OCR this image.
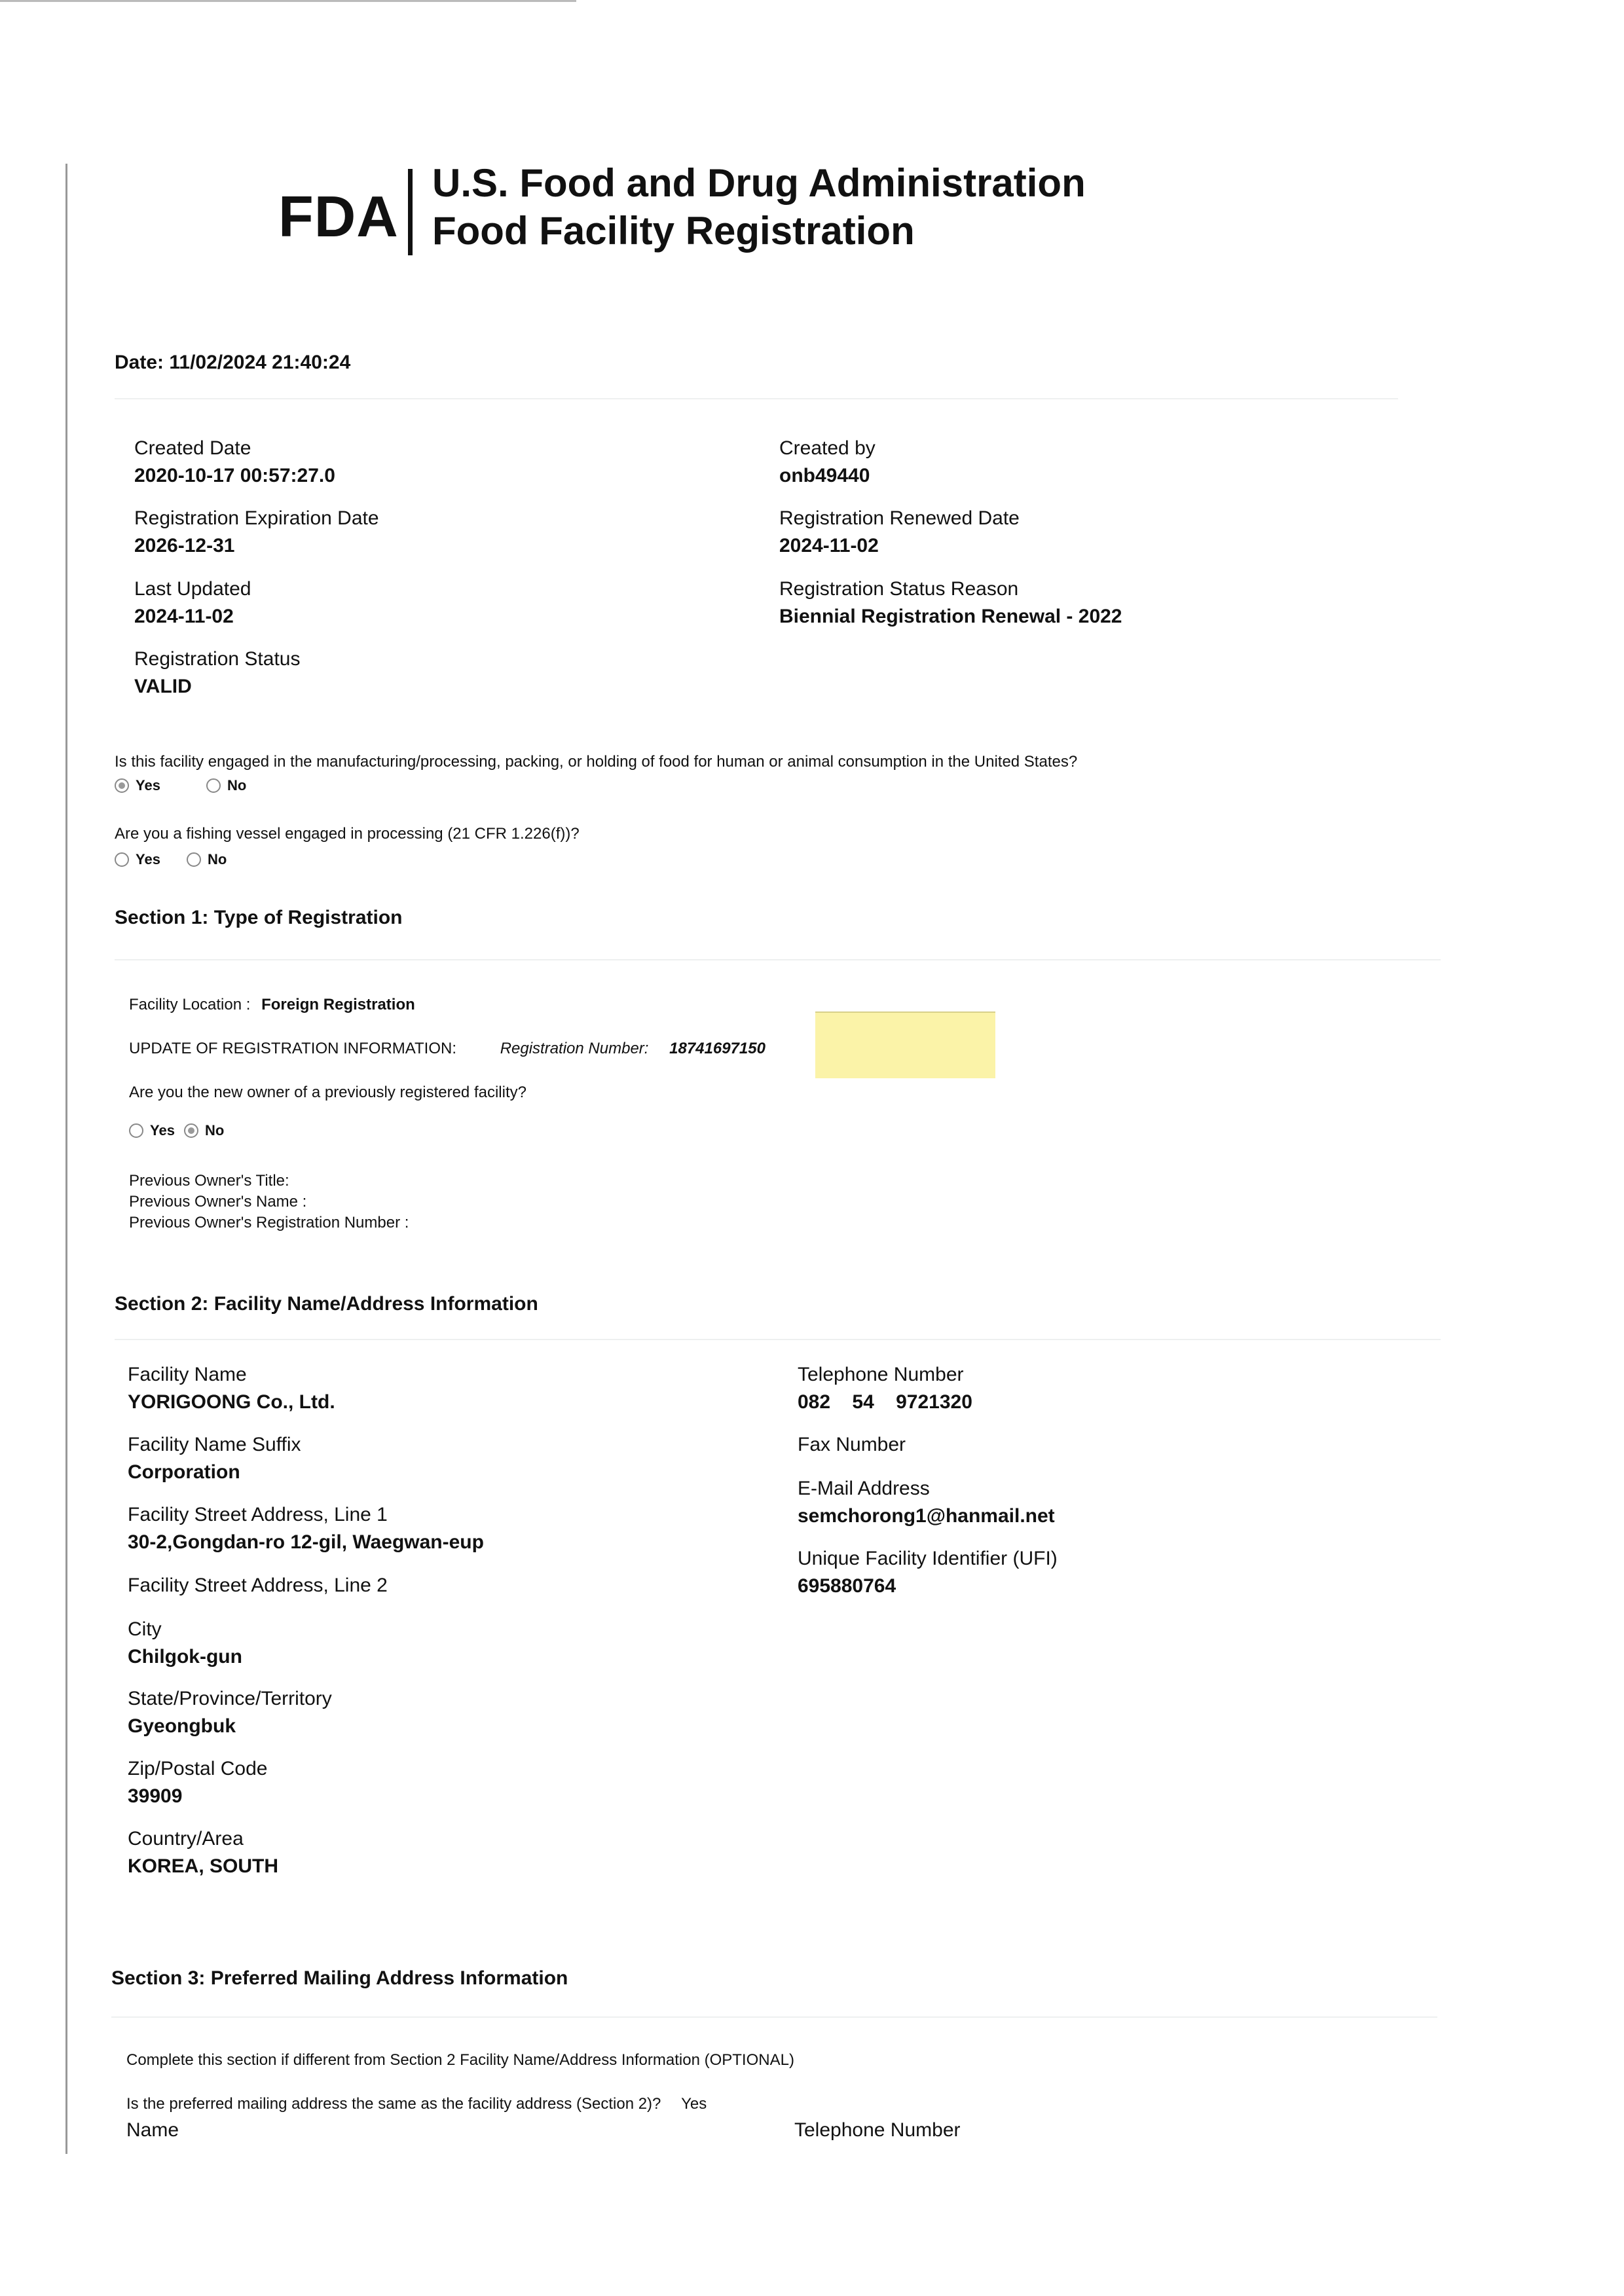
FDA
U.S. Food and Drug Administration
Food Facility Registration
Date: 11/02/2024 21:40:24
Created Date
2020-10-17 00:57:27.0
Created by
onb49440
Registration Expiration Date
2026-12-31
Registration Renewed Date
2024-11-02
Last Updated
2024-11-02
Registration Status Reason
Biennial Registration Renewal - 2022
Registration Status
VALID
Is this facility engaged in the manufacturing/processing, packing, or holding of food for human or animal consumption in the United States?
Yes	No
Are you a fishing vessel engaged in processing (21 CFR 1.226(f))?
Yes	No
Section 1: Type of Registration
Facility Location : Foreign Registration
UPDATE OF REGISTRATION INFORMATION:	Registration Number: 18741697150
Are you the new owner of a previously registered facility?
Yes No
Previous Owner's Title:
Previous Owner's Name :
Previous Owner's Registration Number :
Section 2: Facility Name/Address Information
Facility Name
YORIGOONG Co., Ltd.
Facility Name Suffix
Corporation
Facility Street Address, Line 1
30-2,Gongdan-ro 12-gil, Waegwan-eup
Facility Street Address, Line 2
City
Chilgok-gun
State/Province/Territory
Gyeongbuk
Zip/Postal Code
39909
Country/Area
KOREA, SOUTH
Telephone Number
082    54    9721320
Fax Number
E-Mail Address
semchorong1@hanmail.net
Unique Facility Identifier (UFI)
695880764
Section 3: Preferred Mailing Address Information
Complete this section if different from Section 2 Facility Name/Address Information (OPTIONAL)
Is the preferred mailing address the same as the facility address (Section 2)? Yes
Name	Telephone Number
